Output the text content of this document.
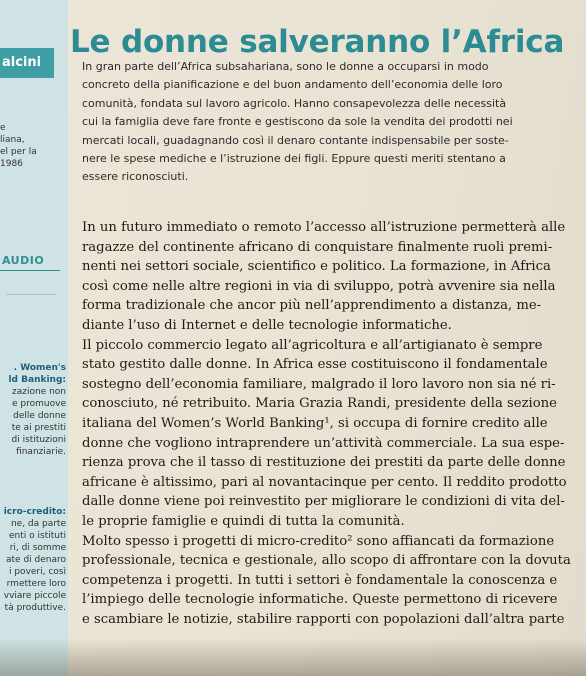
alcini
e
liana,
el per la
1986
AUDIO
. Women's
ld Banking:
zazione non
e promuove
delle donne
te ai prestiti
di istituzioni
finanziarie.
icro-credito:
ne, da parte
enti o istituti
ri, di somme
ate di denaro
i poveri, così
rmettere loro
vviare piccole
tà produttive.
Le donne salveranno l’Africa
In gran parte dell’Africa subsahariana, sono le donne a occuparsi in modo
concreto della pianificazione e del buon andamento dell’economia delle loro
comunità, fondata sul lavoro agricolo. Hanno consapevolezza delle necessità
cui la famiglia deve fare fronte e gestiscono da sole la vendita dei prodotti nei
mercati locali, guadagnando così il denaro contante indispensabile per soste-
nere le spese mediche e l’istruzione dei figli. Eppure questi meriti stentano a
essere riconosciuti.
In un futuro immediato o remoto l’accesso all’istruzione permetterà alle
ragazze del continente africano di conquistare finalmente ruoli premi-
nenti nei settori sociale, scientifico e politico. La formazione, in Africa
così come nelle altre regioni in via di sviluppo, potrà avvenire sia nella
forma tradizionale che ancor più nell’apprendimento a distanza, me-
diante l’uso di Internet e delle tecnologie informatiche.
Il piccolo commercio legato all’agricoltura e all’artigianato è sempre
stato gestito dalle donne. In Africa esse costituiscono il fondamentale
sostegno dell’economia familiare, malgrado il loro lavoro non sia né ri-
conosciuto, né retribuito. Maria Grazia Randi, presidente della sezione
italiana del Women’s World Banking¹, si occupa di fornire credito alle
donne che vogliono intraprendere un’attività commerciale. La sua espe-
rienza prova che il tasso di restituzione dei prestiti da parte delle donne
africane è altissimo, pari al novantacinque per cento. Il reddito prodotto
dalle donne viene poi reinvestito per migliorare le condizioni di vita del-
le proprie famiglie e quindi di tutta la comunità.
Molto spesso i progetti di micro-credito² sono affiancati da formazione
professionale, tecnica e gestionale, allo scopo di affrontare con la dovuta
competenza i progetti. In tutti i settori è fondamentale la conoscenza e
l’impiego delle tecnologie informatiche. Queste permettono di ricevere
e scambiare le notizie, stabilire rapporti con popolazioni dall’altra parte
